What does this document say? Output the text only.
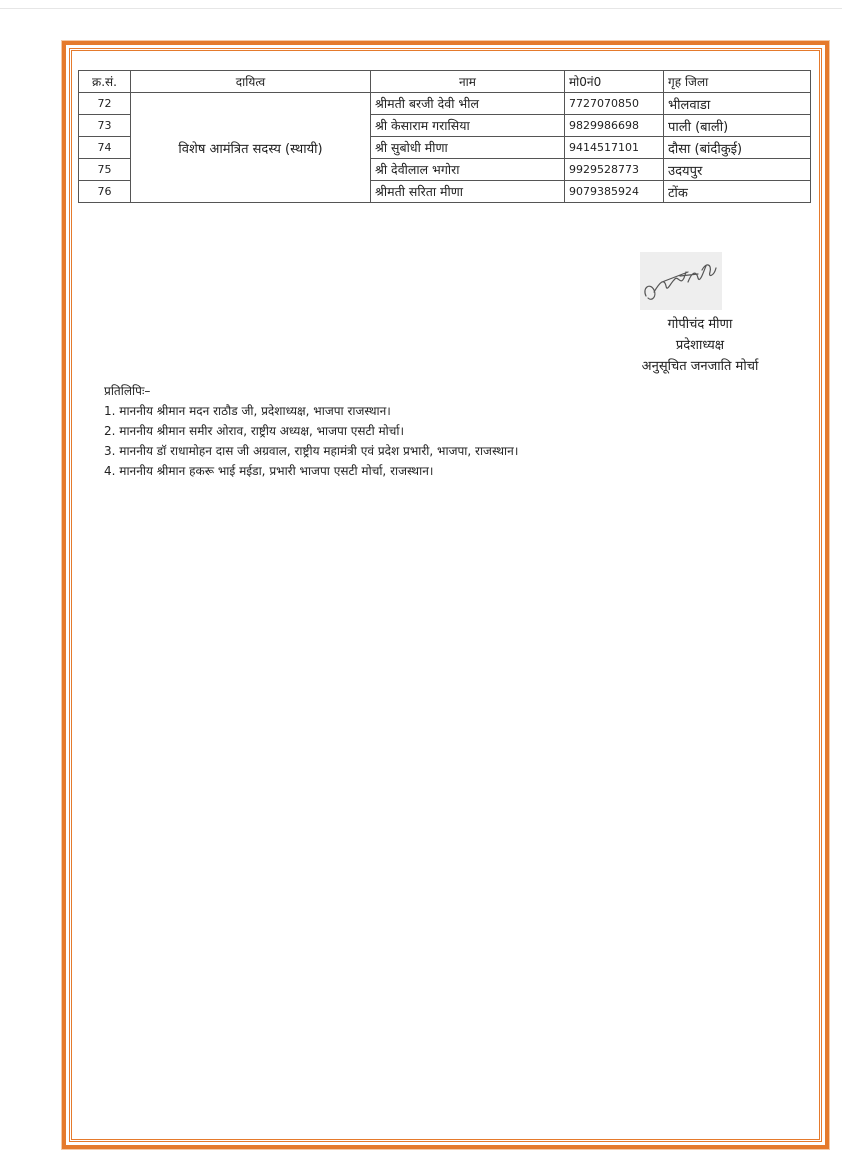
क्र.सं.	दायित्व	नाम	मो0नं0	गृह जिला
72	विशेष आमंत्रित सदस्य (स्थायी)	श्रीमती बरजी देवी भील	7727070850	भीलवाडा
73		श्री केसाराम गरासिया	9829986698	पाली (बाली)
74		श्री सुबोधी मीणा	9414517101	दौसा (बांदीकुई)
75		श्री देवीलाल भगोरा	9929528773	उदयपुर
76		श्रीमती सरिता मीणा	9079385924	टोंक
गोपीचंद मीणा
प्रदेशाध्यक्ष
अनुसूचित जनजाति मोर्चा
प्रतिलिपिः–
1. माननीय श्रीमान मदन राठौड जी, प्रदेशाध्यक्ष, भाजपा राजस्थान।
2. माननीय श्रीमान समीर ओराव, राष्ट्रीय अध्यक्ष, भाजपा एसटी मोर्चा।
3. माननीय डॉ राधामोहन दास जी अग्रवाल, राष्ट्रीय महामंत्री एवं प्रदेश प्रभारी, भाजपा, राजस्थान।
4. माननीय श्रीमान हकरू भाई मईडा, प्रभारी भाजपा एसटी मोर्चा, राजस्थान।
